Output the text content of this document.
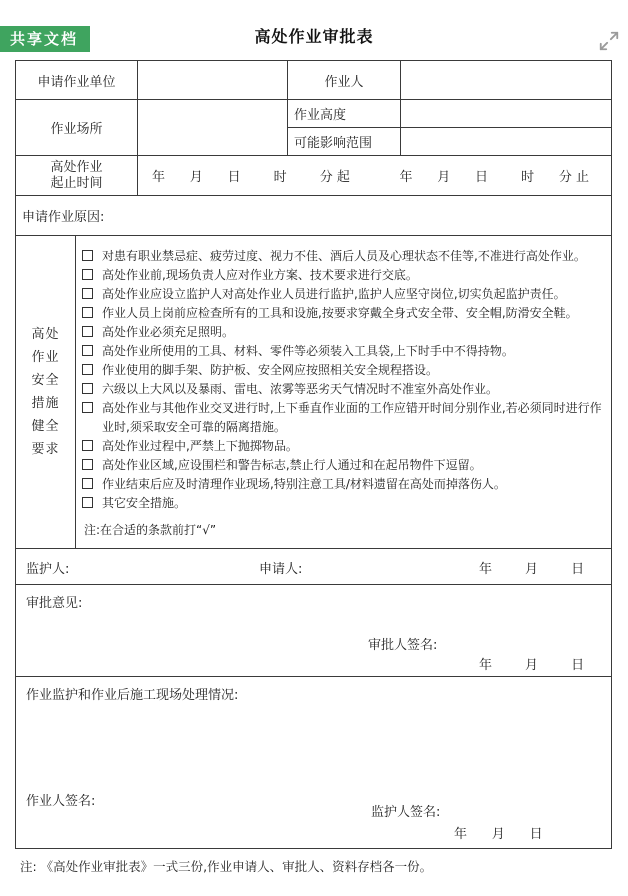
共享文档	高处作业审批表
申请作业单位			作业人	
作业场所			作业高度	
			可能影响范围	

高处作业
起止时间		年      月      日        时        分 起            年      月      日        时      分 止		
申请作业原因:				

高处
作业
安全
措施
健全
要求

对患有职业禁忌症、疲劳过度、视力不佳、酒后人员及心理状态不佳等,不准进行高处作业。
高处作业前,现场负责人应对作业方案、技术要求进行交底。
高处作业应设立监护人对高处作业人员进行监护,监护人应坚守岗位,切实负起监护责任。
作业人员上岗前应检查所有的工具和设施,按要求穿戴全身式安全带、安全帽,防滑安全鞋。
高处作业必须充足照明。
高处作业所使用的工具、材料、零件等必须装入工具袋,上下时手中不得持物。
作业使用的脚手架、防护板、安全网应按照相关安全规程搭设。
六级以上大风以及暴雨、雷电、浓雾等恶劣天气情况时不准室外高处作业。
高处作业与其他作业交叉进行时,上下垂直作业面的工作应错开时间分别作业,若必须同时进行作业时,须采取安全可靠的隔离措施。
高处作业过程中,严禁上下抛掷物品。
高处作业区域,应设围栏和警告标志,禁止行人通过和在起吊物件下逗留。
作业结束后应及时清理作业现场,特别注意工具/材料遗留在高处而掉落伤人。
其它安全措施。
注:在合适的条款前打“√”

监护人: 申请人: 年        月        日				

审批意见:
审批人签名:
年        月        日				

作业监护和作业后施工现场处理情况:
作业人签名:
监护人签名:
年      月      日				

注: 《高处作业审批表》一式三份,作业申请人、审批人、资料存档各一份。
